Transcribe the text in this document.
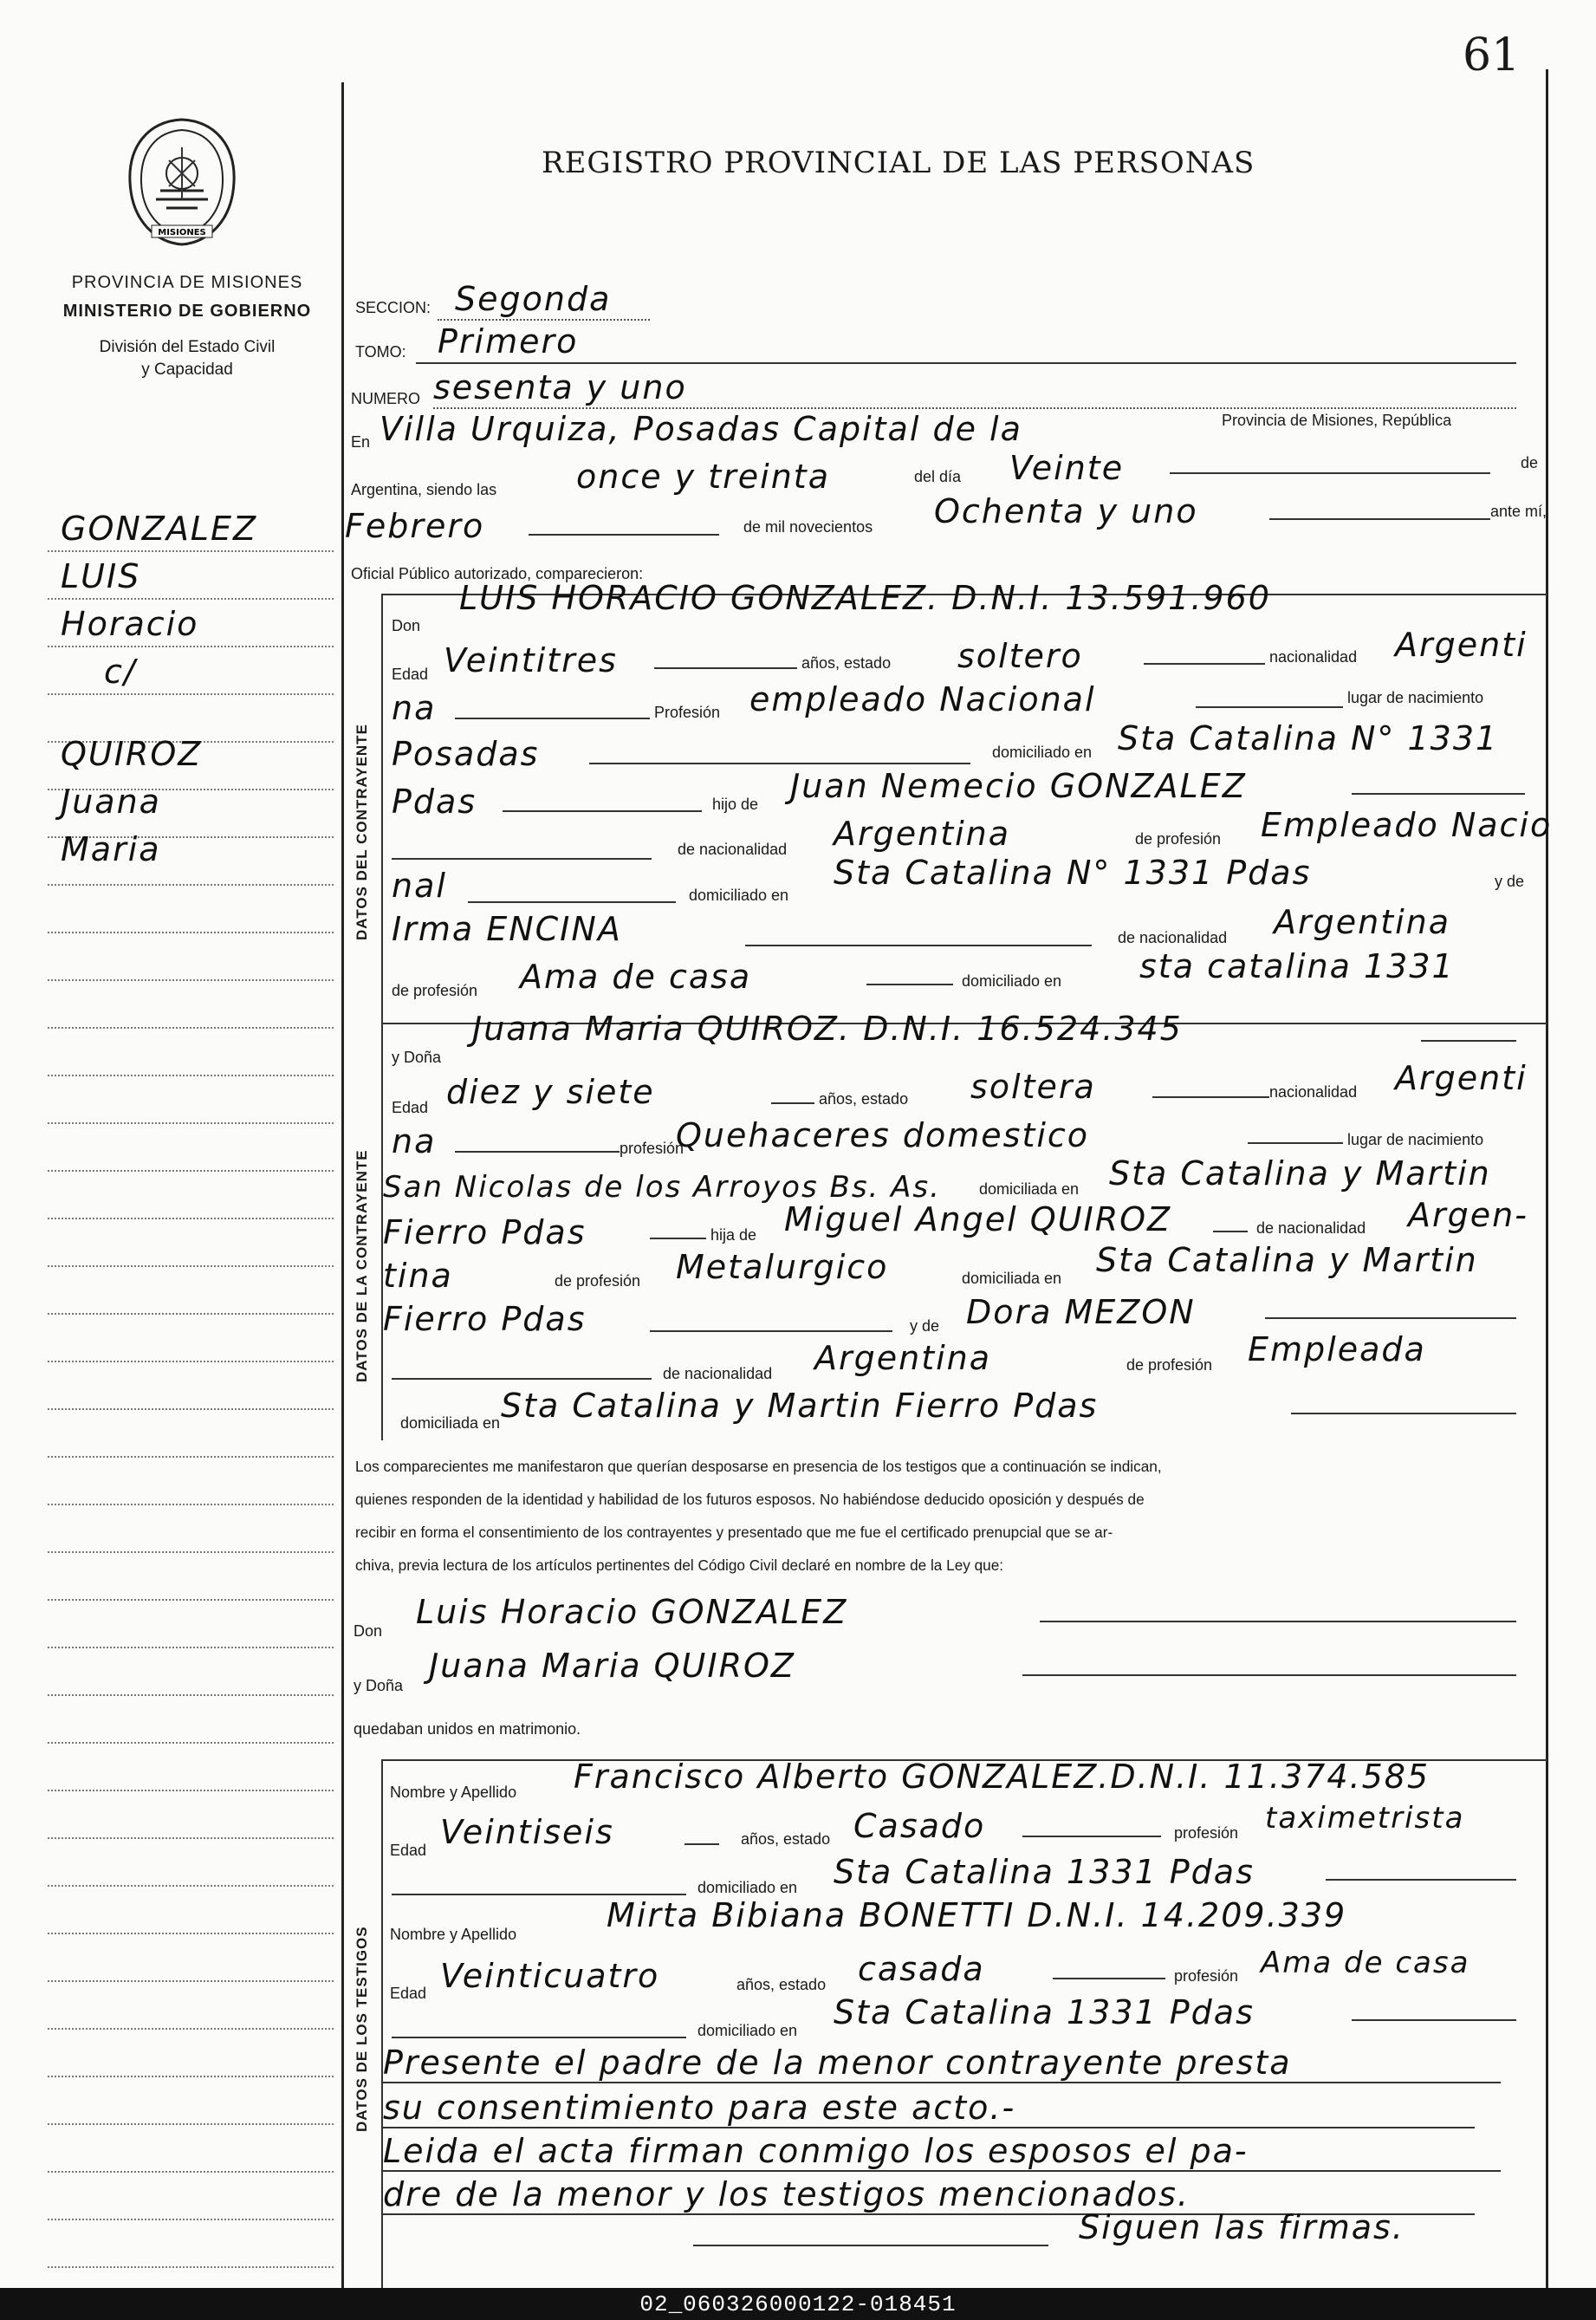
61
MISIONES
PROVINCIA DE MISIONES
MINISTERIO DE GOBIERNO
División del Estado Civil
y Capacidad
REGISTRO PROVINCIAL DE LAS PERSONAS
GONZALEZ
LUIS
Horacio
c/
QUIROZ
Juana
Maria
SECCION: Segonda
TOMO: Primero
NUMERO sesenta y uno
En Villa Urquiza, Posadas Capital de la	Provincia de Misiones, República
Argentina, siendo las once y treinta	del día Veinte	de
Febrero	de mil novecientos Ochenta y uno	ante mí,
Oficial Público autorizado, comparecieron:
DATOS DEL CONTRAYENTE
Don
LUIS HORACIO GONZALEZ. D.N.I. 13.591.960
Edad Veintitres	años, estado soltero	nacionalidad Argenti
na	Profesión empleado Nacional	lugar de nacimiento
Posadas	domiciliado en Sta Catalina N° 1331
Pdas	hijo de Juan Nemecio GONZALEZ
de nacionalidad Argentina	de profesión Empleado Nacio
nal	domiciliado en
Sta Catalina N° 1331 Pdas	y de
Irma ENCINA	de nacionalidad Argentina
de profesión Ama de casa	domiciliado en sta catalina 1331
DATOS DE LA CONTRAYENTE
y Doña
Juana Maria QUIROZ. D.N.I. 16.524.345
Edad diez y siete	años, estado soltera	nacionalidad Argenti
na	profesión
Quehaceres domestico	lugar de nacimiento
San Nicolas de los Arroyos Bs. As. domiciliada en Sta Catalina y Martin
Fierro Pdas	hija de Miguel Angel QUIROZ	de nacionalidad Argen-
tina	de profesión Metalurgico	domiciliada en Sta Catalina y Martin
Fierro Pdas	y de Dora MEZON
de nacionalidad Argentina	de profesión Empleada
domiciliada en Sta Catalina y Martin Fierro Pdas
Los comparecientes me manifestaron que querían desposarse en presencia de los testigos que a continuación se indican,
quienes responden de la identidad y habilidad de los futuros esposos. No habiéndose deducido oposición y después de
recibir en forma el consentimiento de los contrayentes y presentado que me fue el certificado prenupcial que se ar-
chiva, previa lectura de los artículos pertinentes del Código Civil declaré en nombre de la Ley que:
Don Luis Horacio GONZALEZ
y Doña
Juana Maria QUIROZ
quedaban unidos en matrimonio.
DATOS DE LOS TESTIGOS
Nombre y Apellido Francisco Alberto GONZALEZ.D.N.I. 11.374.585
Edad Veintiseis	años, estado Casado	profesión taximetrista
domiciliado en Sta Catalina 1331 Pdas
Nombre y Apellido	Mirta Bibiana BONETTI D.N.I. 14.209.339
Edad Veinticuatro	años, estado casada	profesión Ama de casa
domiciliado en Sta Catalina 1331 Pdas
Presente el padre de la menor contrayente presta
su consentimiento para este acto.-
Leida el acta firman conmigo los esposos el pa-
dre de la menor y los testigos mencionados.
Siguen las firmas.
02_060326000122-018451
